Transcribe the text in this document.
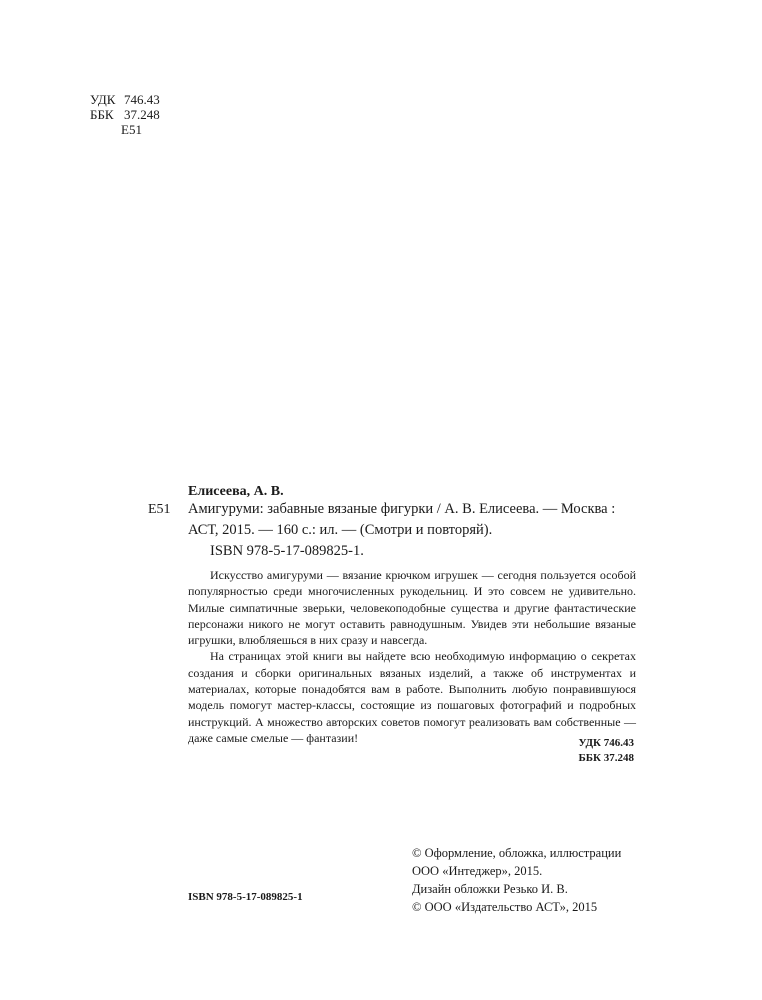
УДК 746.43
ББК 37.248
Е51
Елисеева, А. В.
Е51 Амигуруми: забавные вязаные фигурки / А. В. Елисеева. — Москва :

АСТ, 2015. — 160 с.: ил. — (Смотри и повторяй).

ISBN 978-5-17-089825-1.

Искусство амигуруми — вязание крючком игрушек — сегодня пользуется особой популярностью среди многочисленных рукодельниц. И это совсем не удивительно. Милые симпатичные зверьки, человекоподобные существа и другие фантастические персонажи никого не могут оставить равнодушным. Увидев эти небольшие вязаные игрушки, влюбляешься в них сразу и навсегда.

На страницах этой книги вы найдете всю необходимую информацию о секретах создания и сборки оригинальных вязаных изделий, а также об инструментах и материалах, которые понадобятся вам в работе. Выполнить любую понравившуюся модель помогут мастер-классы, состоящие из пошаговых фотографий и подробных инструкций. А множество авторских советов помогут реализовать вам собственные — даже самые смелые — фантазии!	УДК 746.43
ББК 37.248
© Оформление, обложка, иллюстрации
ООО «Интеджер», 2015.
Дизайн обложки Резько И. В.
© ООО «Издательство АСТ», 2015
ISBN 978-5-17-089825-1
